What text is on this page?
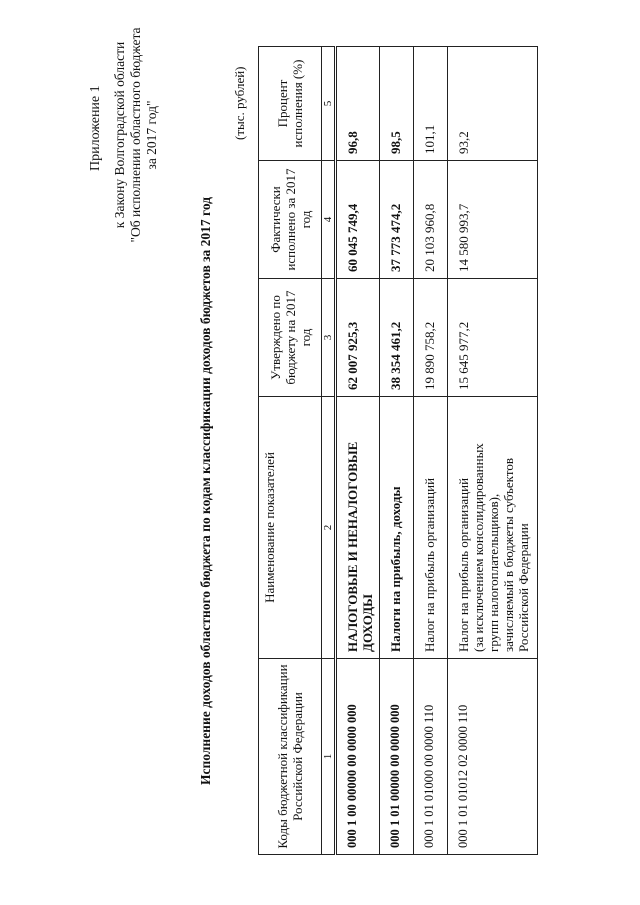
Приложение 1 к Закону Волгоградской области "Об исполнении областного бюджета за 2017 год"
Исполнение доходов областного бюджета по кодам классификации доходов бюджетов за 2017 год
(тыс. рублей)
Коды бюджетной классификации Российской Федерации	Наименование показателей	Утверждено по бюджету на 2017 год	Фактически исполнено за 2017 год	Процент исполнения (%)
1	2	3	4	5
000 1 00 00000 00 0000 000	НАЛОГОВЫЕ И НЕНАЛОГОВЫЕ ДОХОДЫ	62 007 925,3	60 045 749,4	96,8
000 1 01 00000 00 0000 000	Налоги на прибыль, доходы	38 354 461,2	37 773 474,2	98,5
000 1 01 01000 00 0000 110	Налог на прибыль организаций	19 890 758,2	20 103 960,8	101,1
000 1 01 01012 02 0000 110	Налог на прибыль организаций (за исключением консолидированных групп налогоплательщиков), зачисляемый в бюджеты субъектов Российской Федерации	15 645 977,2	14 580 993,7	93,2
